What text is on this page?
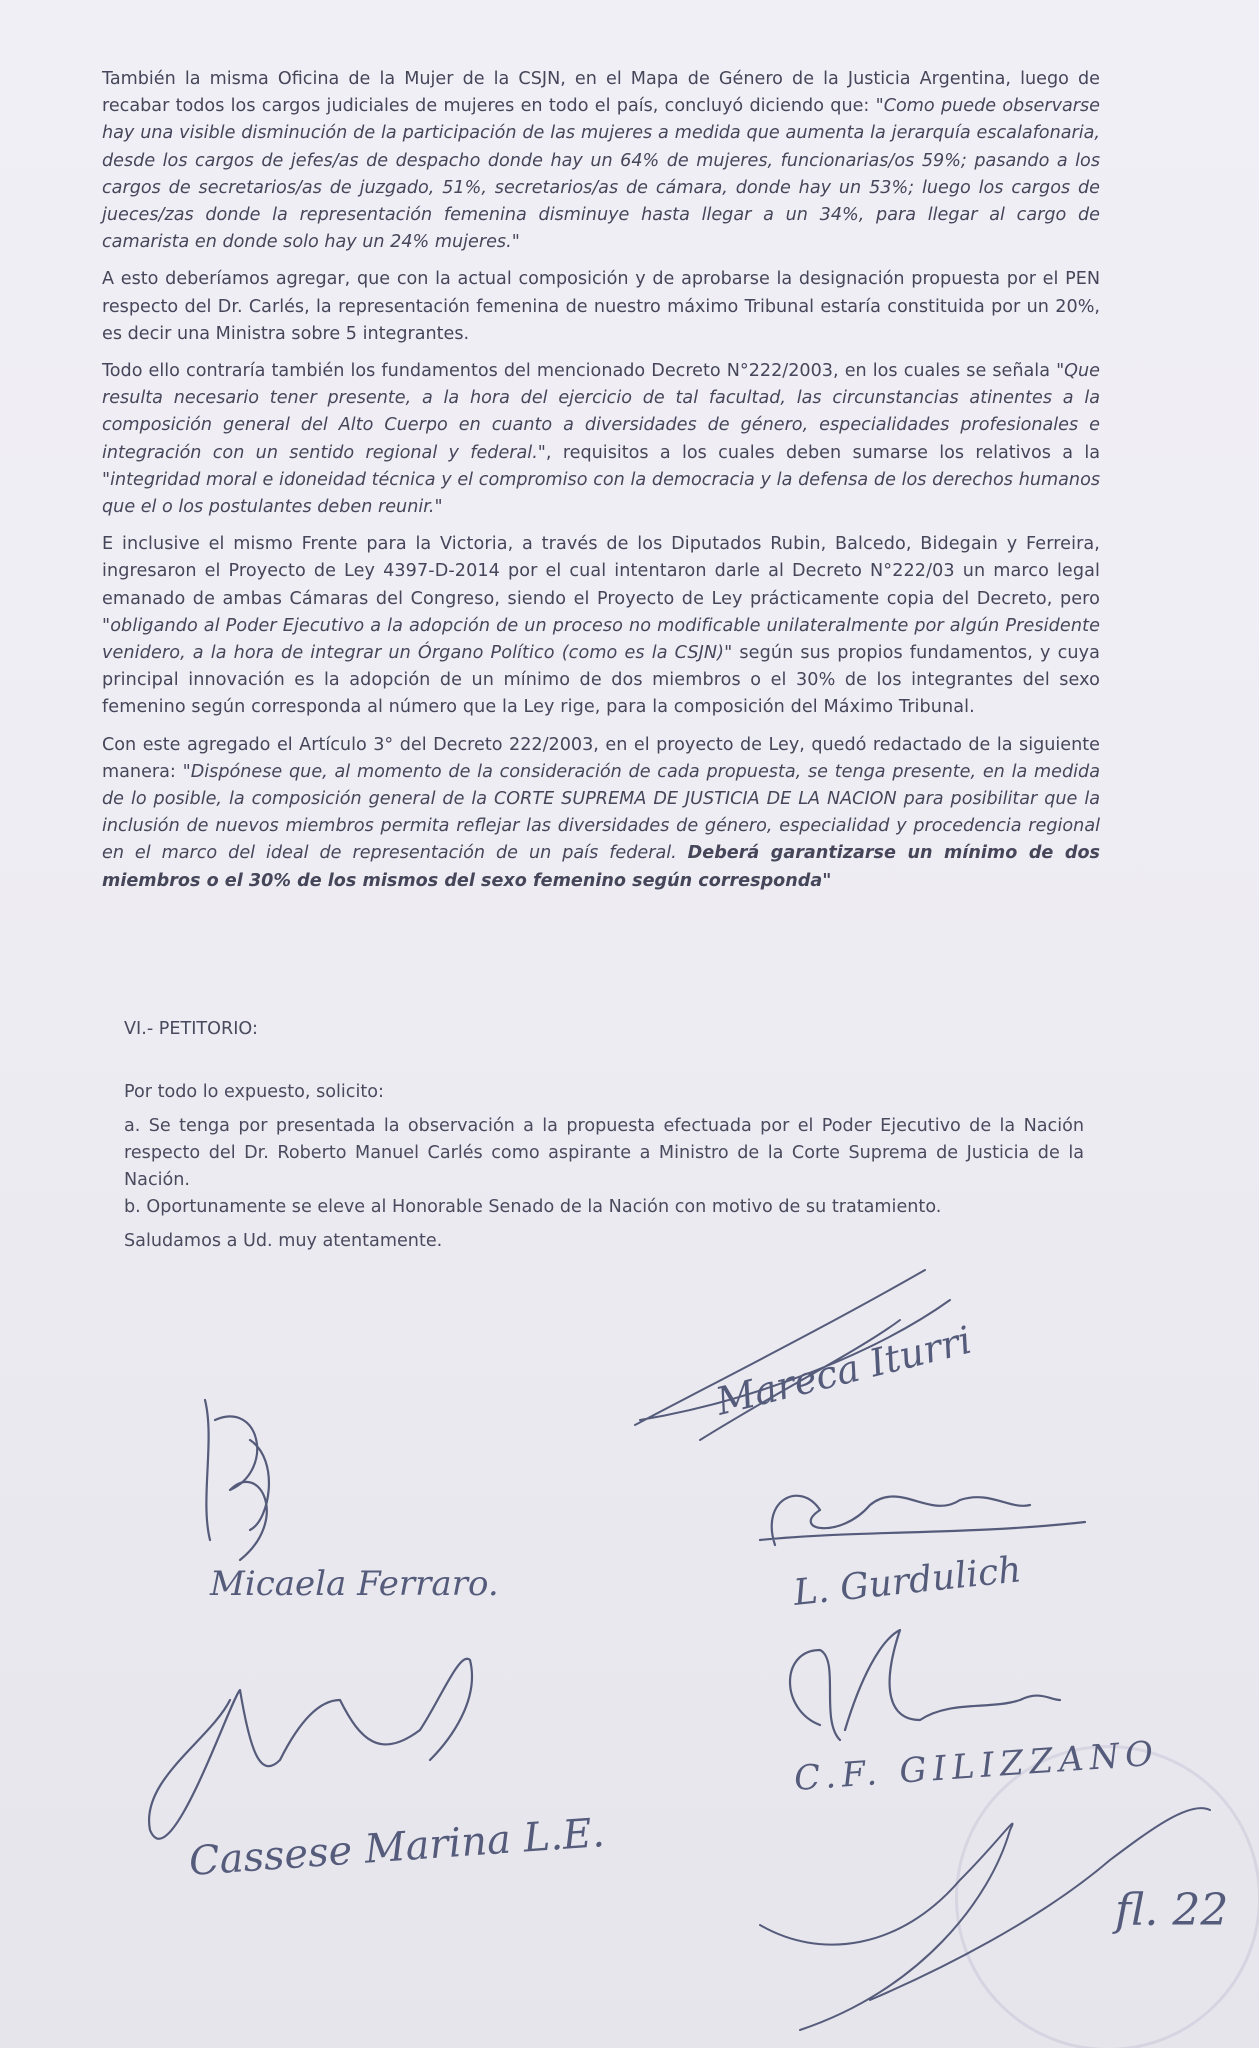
También la misma Oficina de la Mujer de la CSJN, en el Mapa de Género de la Justicia Argentina, luego de recabar todos los cargos judiciales de mujeres en todo el país, concluyó diciendo que: "Como puede observarse hay una visible disminución de la participación de las mujeres a medida que aumenta la jerarquía escalafonaria, desde los cargos de jefes/as de despacho donde hay un 64% de mujeres, funcionarias/os 59%; pasando a los cargos de secretarios/as de juzgado, 51%, secretarios/as de cámara, donde hay un 53%; luego los cargos de jueces/zas donde la representación femenina disminuye hasta llegar a un 34%, para llegar al cargo de camarista en donde solo hay un 24% mujeres."

A esto deberíamos agregar, que con la actual composición y de aprobarse la designación propuesta por el PEN respecto del Dr. Carlés, la representación femenina de nuestro máximo Tribunal estaría constituida por un 20%, es decir una Ministra sobre 5 integrantes.

Todo ello contraría también los fundamentos del mencionado Decreto N°222/2003, en los cuales se señala "Que resulta necesario tener presente, a la hora del ejercicio de tal facultad, las circunstancias atinentes a la composición general del Alto Cuerpo en cuanto a diversidades de género, especialidades profesionales e integración con un sentido regional y federal.", requisitos a los cuales deben sumarse los relativos a la "integridad moral e idoneidad técnica y el compromiso con la democracia y la defensa de los derechos humanos que el o los postulantes deben reunir."

E inclusive el mismo Frente para la Victoria, a través de los Diputados Rubin, Balcedo, Bidegain y Ferreira, ingresaron el Proyecto de Ley 4397-D-2014 por el cual intentaron darle al Decreto N°222/03 un marco legal emanado de ambas Cámaras del Congreso, siendo el Proyecto de Ley prácticamente copia del Decreto, pero "obligando al Poder Ejecutivo a la adopción de un proceso no modificable unilateralmente por algún Presidente venidero, a la hora de integrar un Órgano Político (como es la CSJN)" según sus propios fundamentos, y cuya principal innovación es la adopción de un mínimo de dos miembros o el 30% de los integrantes del sexo femenino según corresponda al número que la Ley rige, para la composición del Máximo Tribunal.

Con este agregado el Artículo 3° del Decreto 222/2003, en el proyecto de Ley, quedó redactado de la siguiente manera: "Dispónese que, al momento de la consideración de cada propuesta, se tenga presente, en la medida de lo posible, la composición general de la CORTE SUPREMA DE JUSTICIA DE LA NACION para posibilitar que la inclusión de nuevos miembros permita reflejar las diversidades de género, especialidad y procedencia regional en el marco del ideal de representación de un país federal. Deberá garantizarse un mínimo de dos miembros o el 30% de los mismos del sexo femenino según corresponda"

VI.- PETITORIO:

Por todo lo expuesto, solicito:

a. Se tenga por presentada la observación a la propuesta efectuada por el Poder Ejecutivo de la Nación respecto del Dr. Roberto Manuel Carlés como aspirante a Ministro de la Corte Suprema de Justicia de la Nación.

b. Oportunamente se eleve al Honorable Senado de la Nación con motivo de su tratamiento.

Saludamos a Ud. muy atentamente.

Mareca Iturri
Micaela Ferraro.	L. Gurdulich
C.F. GILIZZANO
Cassese Marina L.E.
fl. 22
